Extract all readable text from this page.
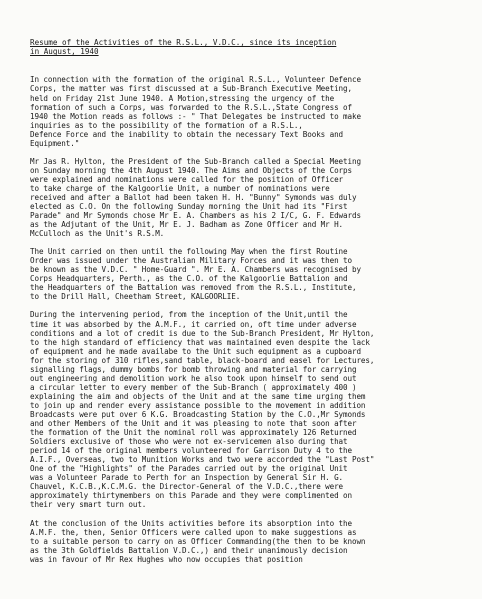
Resume of the Activities of the R.S.L., V.D.C., since its inception
in August, 1940
In connection with the formation of the original R.S.L., Volunteer Defence
Corps, the matter was first discussed at a Sub-Branch Executive Meeting,
held on Friday 21st June 1940. A Motion,stressing the urgency of the
formation of such a Corps, was forwarded to the R.S.L.,State Congress of
1940 the Motion reads as follows :- " That Delegates be instructed to make
inquiries as to the possibility of the formation of a R.S.L.,
Defence Force and the inability to obtain the necessary Text Books and
Equipment."
Mr Jas R. Hylton, the President of the Sub-Branch called a Special Meeting
on Sunday morning the 4th August 1940. The Aims and Objects of the Corps
were explained and nominations were called for the position of Officer
to take charge of the Kalgoorlie Unit, a number of nominations were
received and after a Ballot had been taken H. H. "Bunny" Symonds was duly
elected as C.O. On the following Sunday morning the Unit had its "First
Parade" and Mr Symonds chose Mr E. A. Chambers as his 2 I/C, G. F. Edwards
as the Adjutant of the Unit, Mr E. J. Badham as Zone Officer and Mr H.
McCulloch as the Unit's R.S.M.
The Unit carried on then until the following May when the first Routine
Order was issued under the Australian Military Forces and it was then to
be known as the V.D.C. " Home-Guard ". Mr E. A. Chambers was recognised by
Corps Headquarters, Perth., as the C.O. of the Kalgoorlie Battalion and
the Headquarters of the Battalion was removed from the R.S.L., Institute,
to the Drill Hall, Cheetham Street, KALGOORLIE.
During the intervening period, from the inception of the Unit,until the
time it was absorbed by the A.M.F., it carried on, oft time under adverse
conditions and a lot of credit is due to the Sub-Branch President, Mr Hylton,
to the high standard of efficiency that was maintained even despite the lack
of equipment and he made availabe to the Unit such equipment as a cupboard
for the storing of 310 rifles,sand table, black-board and easel for Lectures,
signalling flags, dummy bombs for bomb throwing and material for carrying
out engineering and demolition work he also took upon himself to send out
a circular letter to every member of the Sub-Branch ( approximately 400 )
explaining the aim and objects of the Unit and at the same time urging them
to join up and render every assistance possible to the movement in addition
Broadcasts were put over 6 K.G. Broadcasting Station by the C.O.,Mr Symonds
and other Members of the Unit and it was pleasing to note that soon after
the formation of the Unit the nominal roll was approximately 126 Returned
Soldiers exclusive of those who were not ex-servicemen also during that
period 14 of the original members volunteered for Garrison Duty 4 to the
A.I.F., Overseas, two to Munition Works and two were accorded the "Last Post"
One of the "Highlights" of the Parades carried out by the original Unit
was a Volunteer Parade to Perth for an Inspection by General Sir H. G.
Chauvel, K.C.B.,K.C.M.G. the Director-General of the V.D.C.,there were
approximately thirtymembers on this Parade and they were complimented on
their very smart turn out.
At the conclusion of the Units activities before its absorption into the
A.M.F. the, then, Senior Officers were called upon to make suggestions as
to a suitable person to carry on as Officer Commanding(the then to be known
as the 3th Goldfields Battalion V.D.C.,) and their unanimously decision
was in favour of Mr Rex Hughes who now occupies that position
